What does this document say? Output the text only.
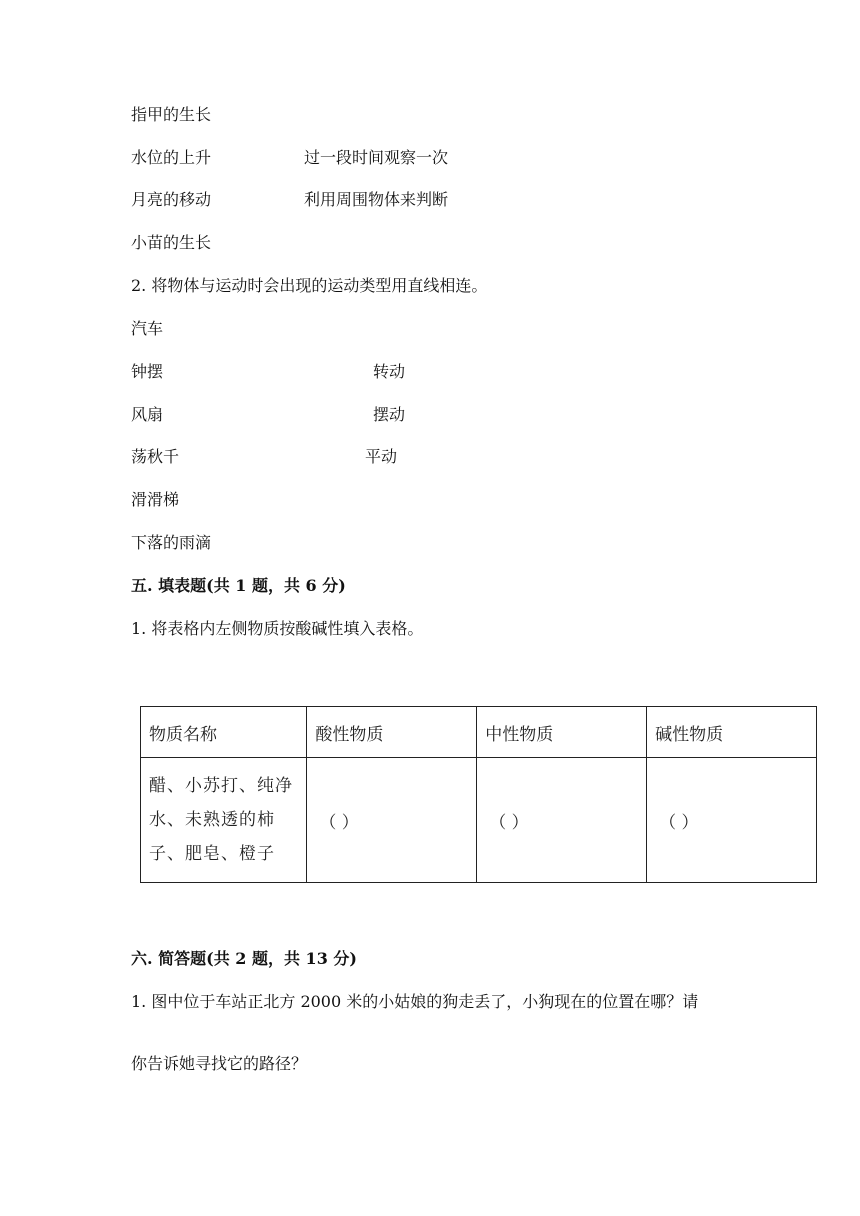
指甲的生长
水位的上升	过一段时间观察一次
月亮的移动	利用周围物体来判断
小苗的生长
2. 将物体与运动时会出现的运动类型用直线相连。
汽车
钟摆	转动
风扇	摆动
荡秋千	平动
滑滑梯
下落的雨滴
五. 填表题(共 1 题，共 6 分)
1. 将表格内左侧物质按酸碱性填入表格。
物质名称	酸性物质	中性物质	碱性物质

醋、小苏打、纯净
水、未熟透的柿
子、肥皂、橙子	（ ）	（ ）	（ ）
六. 简答题(共 2 题，共 13 分)
1. 图中位于车站正北方 2000 米的小姑娘的狗走丢了，小狗现在的位置在哪？请
你告诉她寻找它的路径？
